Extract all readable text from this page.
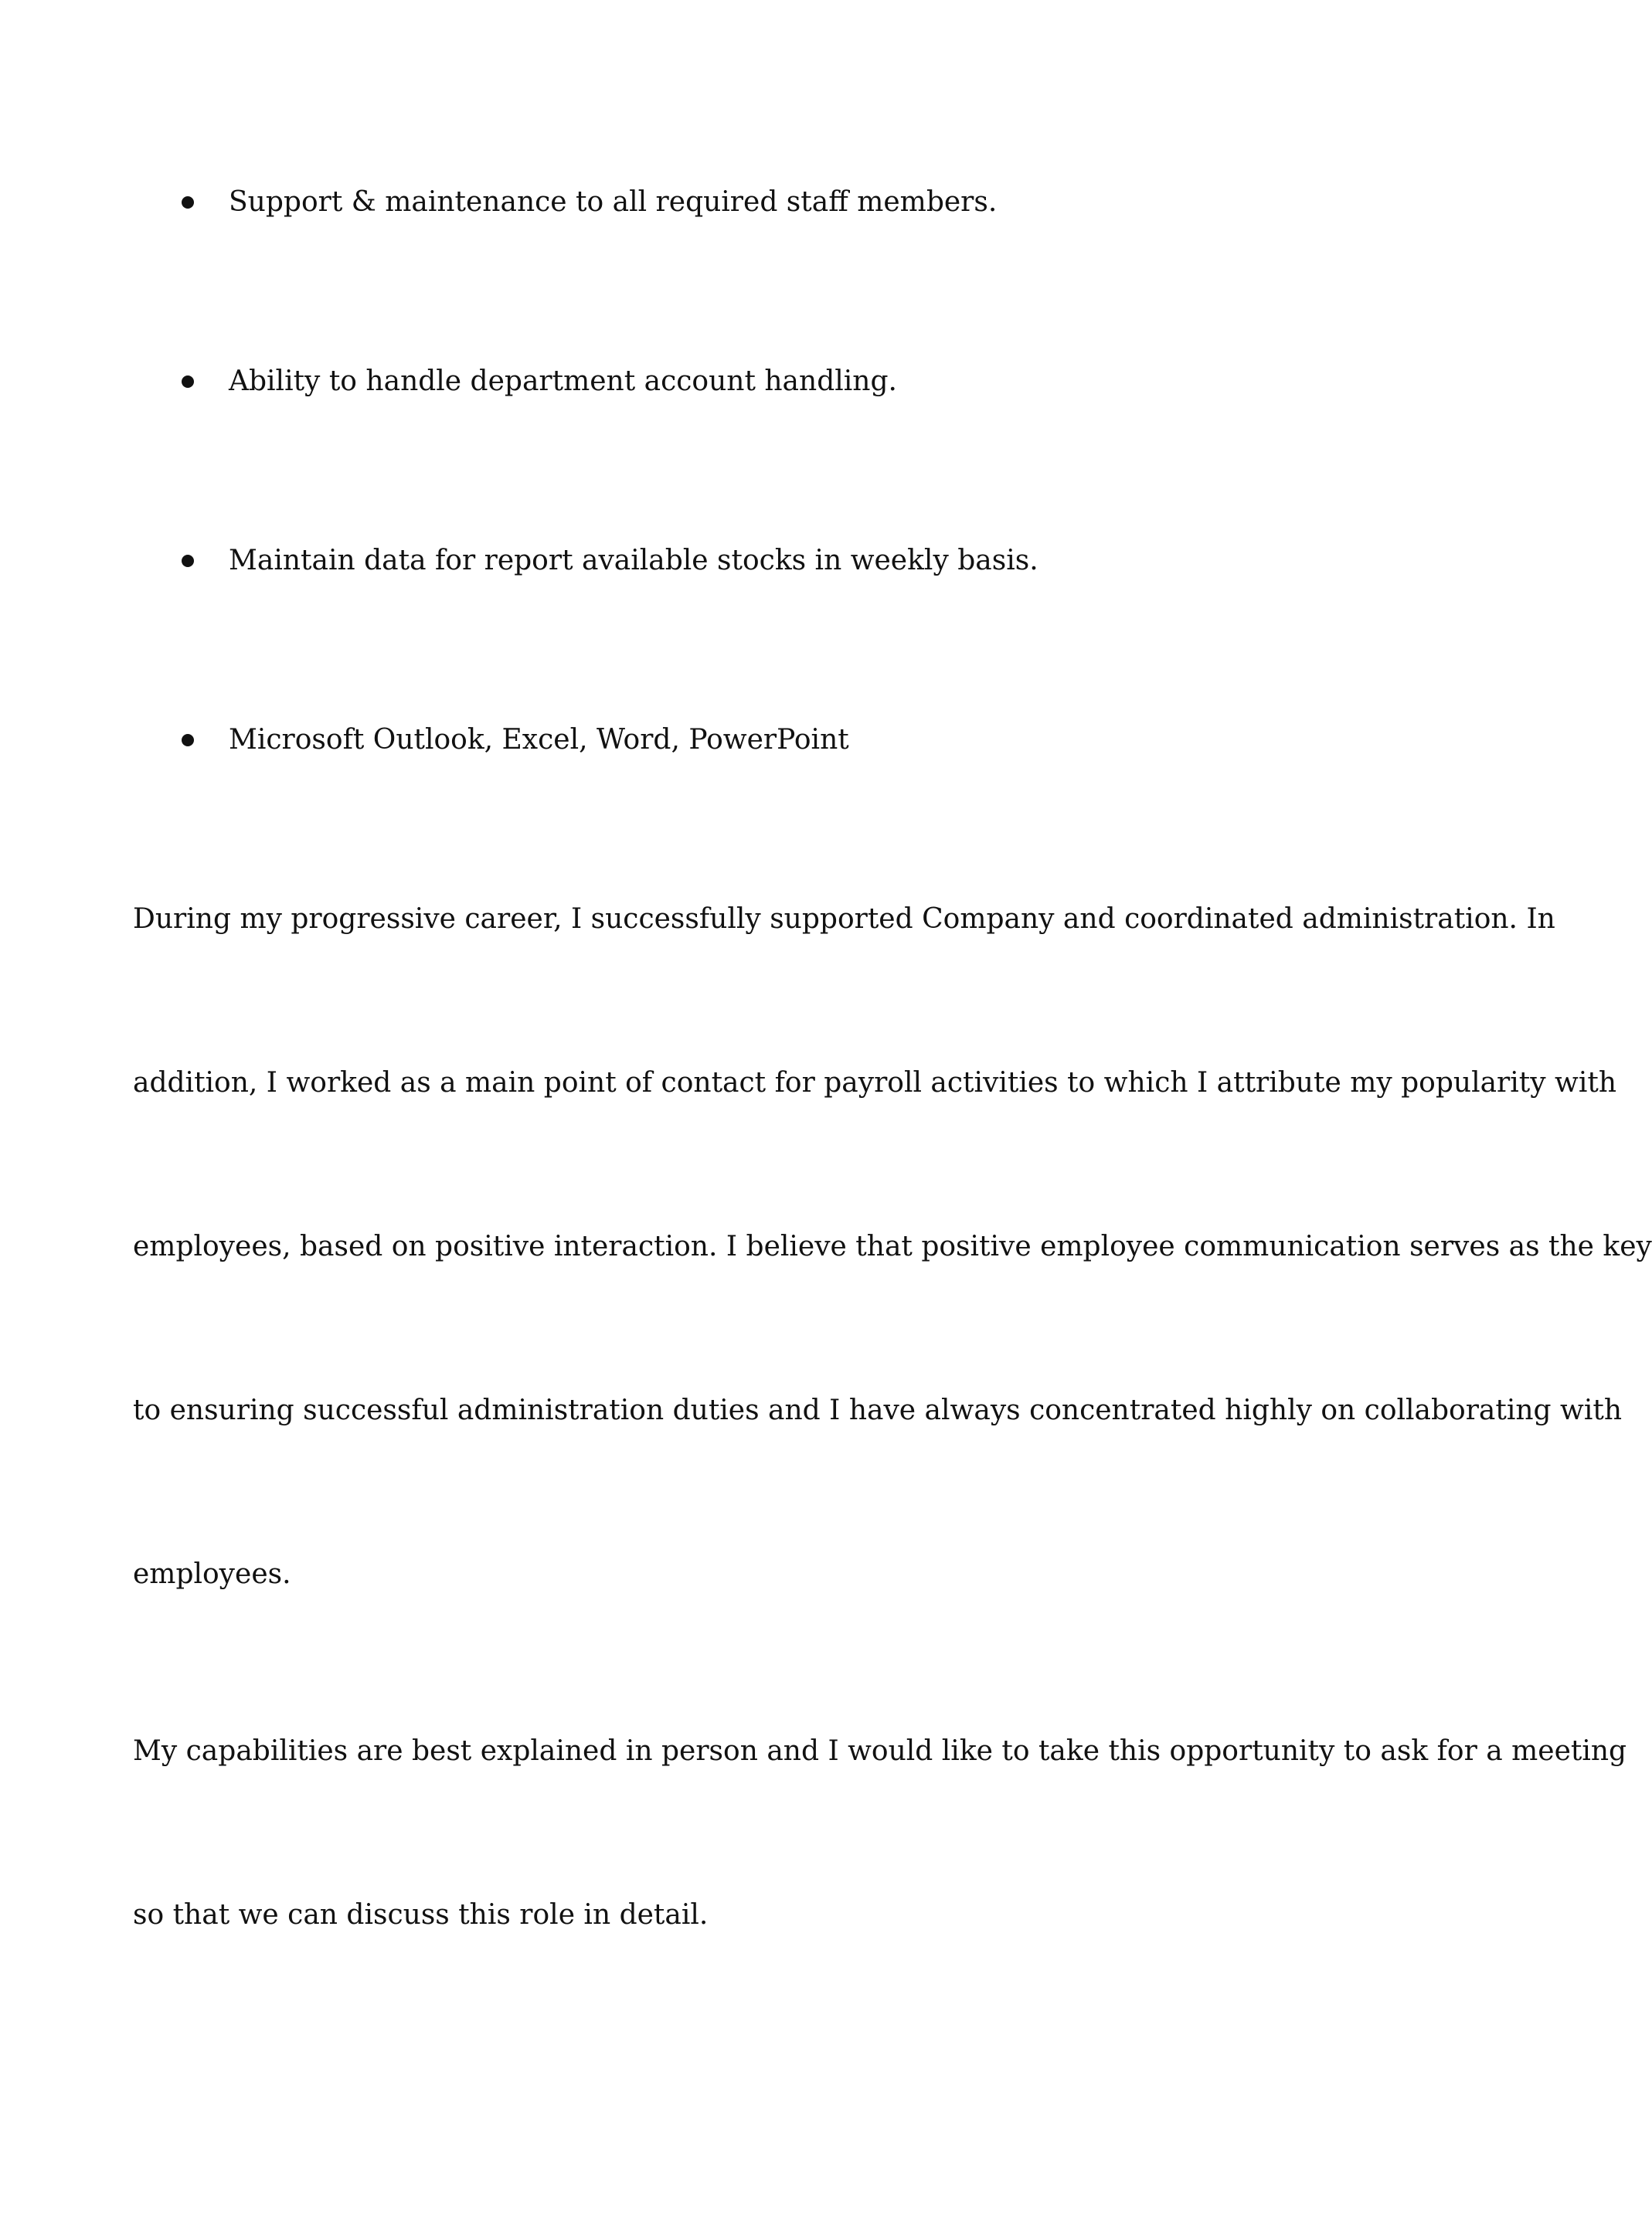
Support & maintenance to all required staff members.
Ability to handle department account handling.
Maintain data for report available stocks in weekly basis.
Microsoft Outlook, Excel, Word, PowerPoint
During my progressive career, I successfully supported Company and coordinated administration. In
addition, I worked as a main point of contact for payroll activities to which I attribute my popularity with
employees, based on positive interaction. I believe that positive employee communication serves as the key
to ensuring successful administration duties and I have always concentrated highly on collaborating with
employees.
My capabilities are best explained in person and I would like to take this opportunity to ask for a meeting
so that we can discuss this role in detail.
